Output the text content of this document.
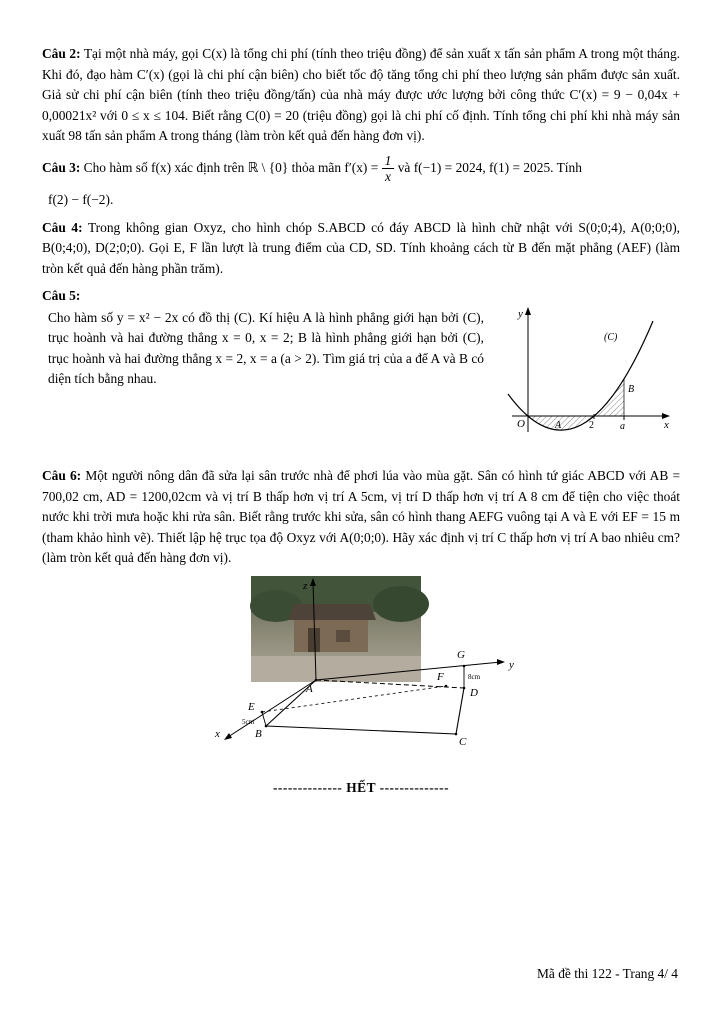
Câu 2: Tại một nhà máy, gọi C(x) là tổng chi phí (tính theo triệu đồng) để sản xuất x tấn sản phẩm A trong một tháng. Khi đó, đạo hàm C′(x) (gọi là chi phí cận biên) cho biết tốc độ tăng tổng chi phí theo lượng sản phẩm được sản xuất. Giả sử chi phí cận biên (tính theo triệu đồng/tấn) của nhà máy được ước lượng bởi công thức C′(x) = 9 − 0,04x + 0,00021x² với 0 ≤ x ≤ 104. Biết rằng C(0) = 20 (triệu đồng) gọi là chi phí cố định. Tính tổng chi phí khi nhà máy sản xuất 98 tấn sản phẩm A trong tháng (làm tròn kết quả đến hàng đơn vị).

Câu 3: Cho hàm số f(x) xác định trên ℝ \ {0} thỏa mãn $f'(x) = \frac{1}{x}$ và f(−1) = 2024, f(1) = 2025. Tính

f(2) − f(−2).

Câu 4: Trong không gian Oxyz, cho hình chóp S.ABCD có đáy ABCD là hình chữ nhật với S(0;0;4), A(0;0;0), B(0;4;0), D(2;0;0). Gọi E, F lần lượt là trung điểm của CD, SD. Tính khoảng cách từ B đến mặt phẳng (AEF) (làm tròn kết quả đến hàng phần trăm).

Câu 5:

Cho hàm số y = x² − 2x có đồ thị (C). Kí hiệu A là hình phẳng giới hạn bởi (C), trục hoành và hai đường thẳng x = 0, x = 2; B là hình phẳng giới hạn bởi (C), trục hoành và hai đường thẳng x = 2, x = a (a > 2). Tìm giá trị của a để A và B có diện tích bằng nhau.
y
x
O	A	2	a
(C)
B

Câu 6: Một người nông dân đã sửa lại sân trước nhà để phơi lúa vào mùa gặt. Sân có hình tứ giác ABCD với AB = 700,02 cm, AD = 1200,02cm và vị trí B thấp hơn vị trí A 5cm, vị trí D thấp hơn vị trí A 8 cm để tiện cho việc thoát nước khi trời mưa hoặc khi rửa sân. Biết rằng trước khi sửa, sân có hình thang AEFG vuông tại A và E với EF = 15 m (tham khảo hình vẽ). Thiết lập hệ trục tọa độ Oxyz với A(0;0;0). Hãy xác định vị trí C thấp hơn vị trí A bao nhiêu cm? (làm tròn kết quả đến hàng đơn vị).

z
y
x
A
B
C
D
E
F
G
8cm
5cm
-------------- HẾT --------------
Mã đề thi 122 - Trang 4/ 4
